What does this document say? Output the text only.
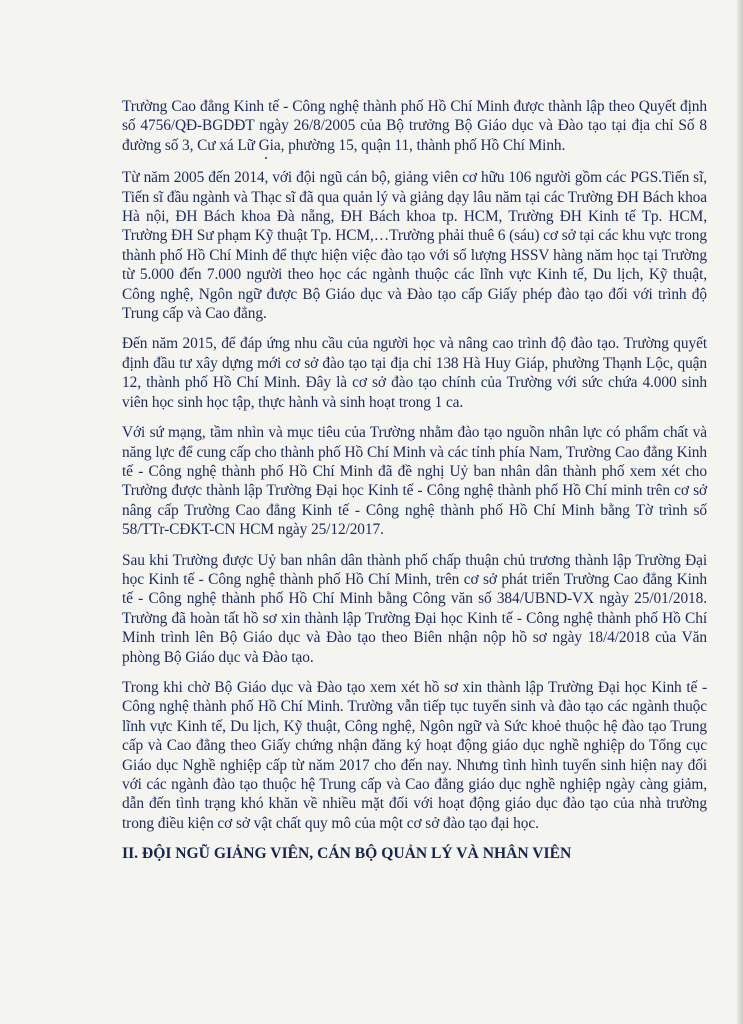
Trường Cao đẳng Kinh tế - Công nghệ thành phố Hồ Chí Minh được thành lập theo Quyết định số 4756/QĐ-BGDĐT ngày 26/8/2005 của Bộ trưởng Bộ Giáo dục và Đào tạo tại địa chỉ Số 8 đường số 3, Cư xá Lữ Gia, phường 15, quận 11, thành phố Hồ Chí Minh.

Từ năm 2005 đến 2014, với đội ngũ cán bộ, giảng viên cơ hữu 106 người gồm các PGS.Tiến sĩ, Tiến sĩ đầu ngành và Thạc sĩ đã qua quản lý và giảng dạy lâu năm tại các Trường ĐH Bách khoa Hà nội, ĐH Bách khoa Đà nẵng, ĐH Bách khoa tp. HCM, Trường ĐH Kinh tế Tp. HCM, Trường ĐH Sư phạm Kỹ thuật Tp. HCM,…Trường phải thuê 6 (sáu) cơ sở tại các khu vực trong thành phố Hồ Chí Minh để thực hiện việc đào tạo với số lượng HSSV hàng năm học tại Trường từ 5.000 đến 7.000 người theo học các ngành thuộc các lĩnh vực Kinh tế, Du lịch, Kỹ thuật, Công nghệ, Ngôn ngữ được Bộ Giáo dục và Đào tạo cấp Giấy phép đào tạo đối với trình độ Trung cấp và Cao đẳng.

Đến năm 2015, để đáp ứng nhu cầu của người học và nâng cao trình độ đào tạo. Trường quyết định đầu tư xây dựng mới cơ sở đào tạo tại địa chỉ 138 Hà Huy Giáp, phường Thạnh Lộc, quận 12, thành phố Hồ Chí Minh. Đây là cơ sở đào tạo chính của Trường với sức chứa 4.000 sinh viên học sinh học tập, thực hành và sinh hoạt trong 1 ca.

Với sứ mạng, tầm nhìn và mục tiêu của Trường nhằm đào tạo nguồn nhân lực có phẩm chất và năng lực để cung cấp cho thành phố Hồ Chí Minh và các tỉnh phía Nam, Trường Cao đẳng Kinh tế - Công nghệ thành phố Hồ Chí Minh đã đề nghị Uỷ ban nhân dân thành phố xem xét cho Trường được thành lập Trường Đại học Kinh tế - Công nghệ thành phố Hồ Chí minh trên cơ sở nâng cấp Trường Cao đẳng Kinh tế - Công nghệ thành phố Hồ Chí Minh bằng Tờ trình số 58/TTr-CĐKT-CN HCM ngày 25/12/2017.

Sau khi Trường được Uỷ ban nhân dân thành phố chấp thuận chủ trương thành lập Trường Đại học Kinh tế - Công nghệ thành phố Hồ Chí Minh, trên cơ sở phát triển Trường Cao đẳng Kinh tế - Công nghệ thành phố Hồ Chí Minh bằng Công văn số 384/UBND-VX ngày 25/01/2018. Trường đã hoàn tất hồ sơ xin thành lập Trường Đại học Kinh tế - Công nghệ thành phố Hồ Chí Minh trình lên Bộ Giáo dục và Đào tạo theo Biên nhận nộp hồ sơ ngày 18/4/2018 của Văn phòng Bộ Giáo dục và Đào tạo.

Trong khi chờ Bộ Giáo dục và Đào tạo xem xét hồ sơ xin thành lập Trường Đại học Kinh tế -Công nghệ thành phố Hồ Chí Minh. Trường vẫn tiếp tục tuyển sinh và đào tạo các ngành thuộc lĩnh vực Kinh tế, Du lịch, Kỹ thuật, Công nghệ, Ngôn ngữ và Sức khoẻ thuộc hệ đào tạo Trung cấp và Cao đẳng theo Giấy chứng nhận đăng ký hoạt động giáo dục nghề nghiệp do Tổng cục Giáo dục Nghề nghiệp cấp từ năm 2017 cho đến nay. Nhưng tình hình tuyển sinh hiện nay đối với các ngành đào tạo thuộc hệ Trung cấp và Cao đẳng giáo dục nghề nghiệp ngày càng giảm, dẫn đến tình trạng khó khăn về nhiều mặt đối với hoạt động giáo dục đào tạo của nhà trường trong điều kiện cơ sở vật chất quy mô của một cơ sở đào tạo đại học.

II. ĐỘI NGŨ GIẢNG VIÊN, CÁN BỘ QUẢN LÝ VÀ NHÂN VIÊN
